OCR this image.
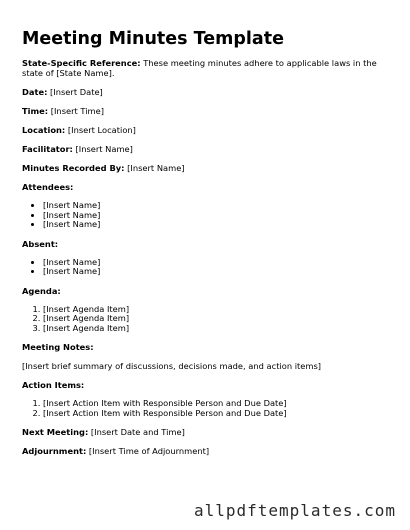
Meeting Minutes Template

State-Specific Reference: These meeting minutes adhere to applicable laws in the state of [State Name].

Date: [Insert Date]

Time: [Insert Time]

Location: [Insert Location]

Facilitator: [Insert Name]

Minutes Recorded By: [Insert Name]

Attendees:

• [Insert Name]
• [Insert Name]
• [Insert Name]

Absent:

• [Insert Name]
• [Insert Name]

Agenda:

1. [Insert Agenda Item]
2. [Insert Agenda Item]
3. [Insert Agenda Item]

Meeting Notes:

[Insert brief summary of discussions, decisions made, and action items]

Action Items:

1. [Insert Action Item with Responsible Person and Due Date]
2. [Insert Action Item with Responsible Person and Due Date]

Next Meeting: [Insert Date and Time]

Adjournment: [Insert Time of Adjournment]

allpdftemplates.com
